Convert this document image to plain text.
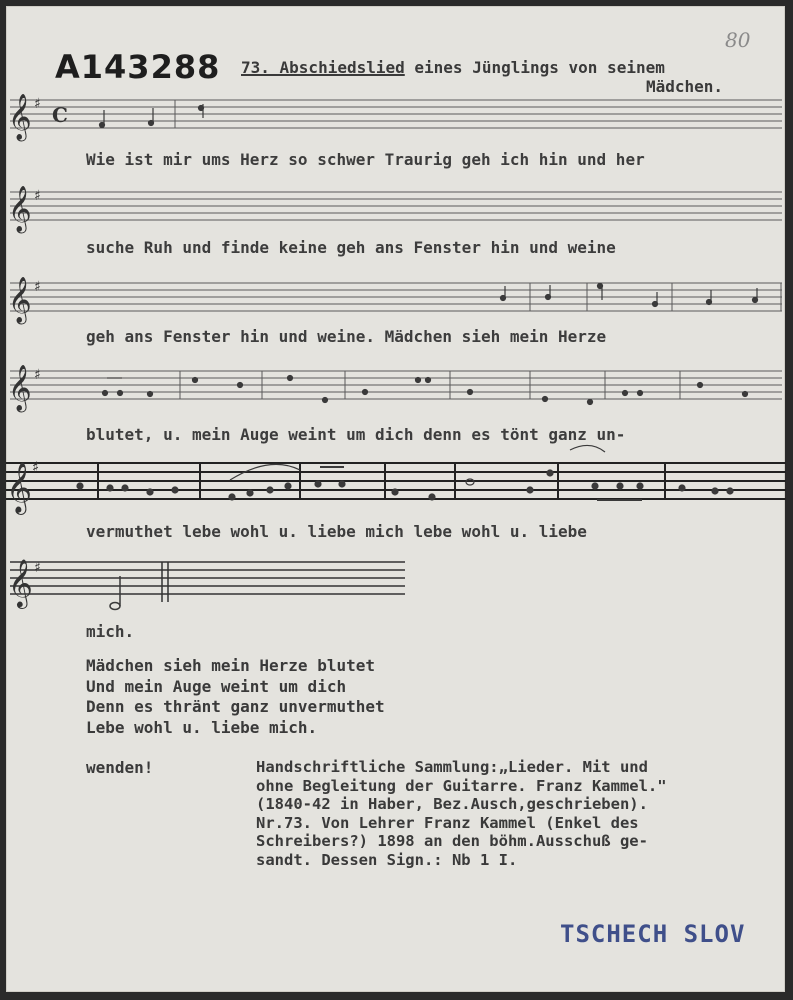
A143288
80
73. Abschiedslied eines Jünglings von seinem
Mädchen.
𝄞 ♯ C
𝄞 ♯
𝄞 ♯
𝄞 ♯
𝄞 ♯
𝄞 ♯
Wie ist mir ums Herz so schwer Traurig geh ich hin und her
suche Ruh und finde keine geh ans Fenster hin und weine
geh ans Fenster hin und weine. Mädchen sieh mein Herze
blutet, u. mein Auge weint um dich denn es tönt ganz un-
vermuthet lebe wohl u. liebe mich lebe wohl u. liebe
mich.
Mädchen sieh mein Herze blutet
Und mein Auge weint um dich
Denn es thränt ganz unvermuthet
Lebe wohl u. liebe mich.
wenden!	Handschriftliche Sammlung:„Lieder. Mit und
ohne Begleitung der Guitarre. Franz Kammel."
(1840-42 in Haber, Bez.Ausch,geschrieben).
Nr.73. Von Lehrer Franz Kammel (Enkel des
Schreibers?) 1898 an den böhm.Ausschuß ge-
sandt. Dessen Sign.: Nb 1 I.
TSCHECH SLOV
